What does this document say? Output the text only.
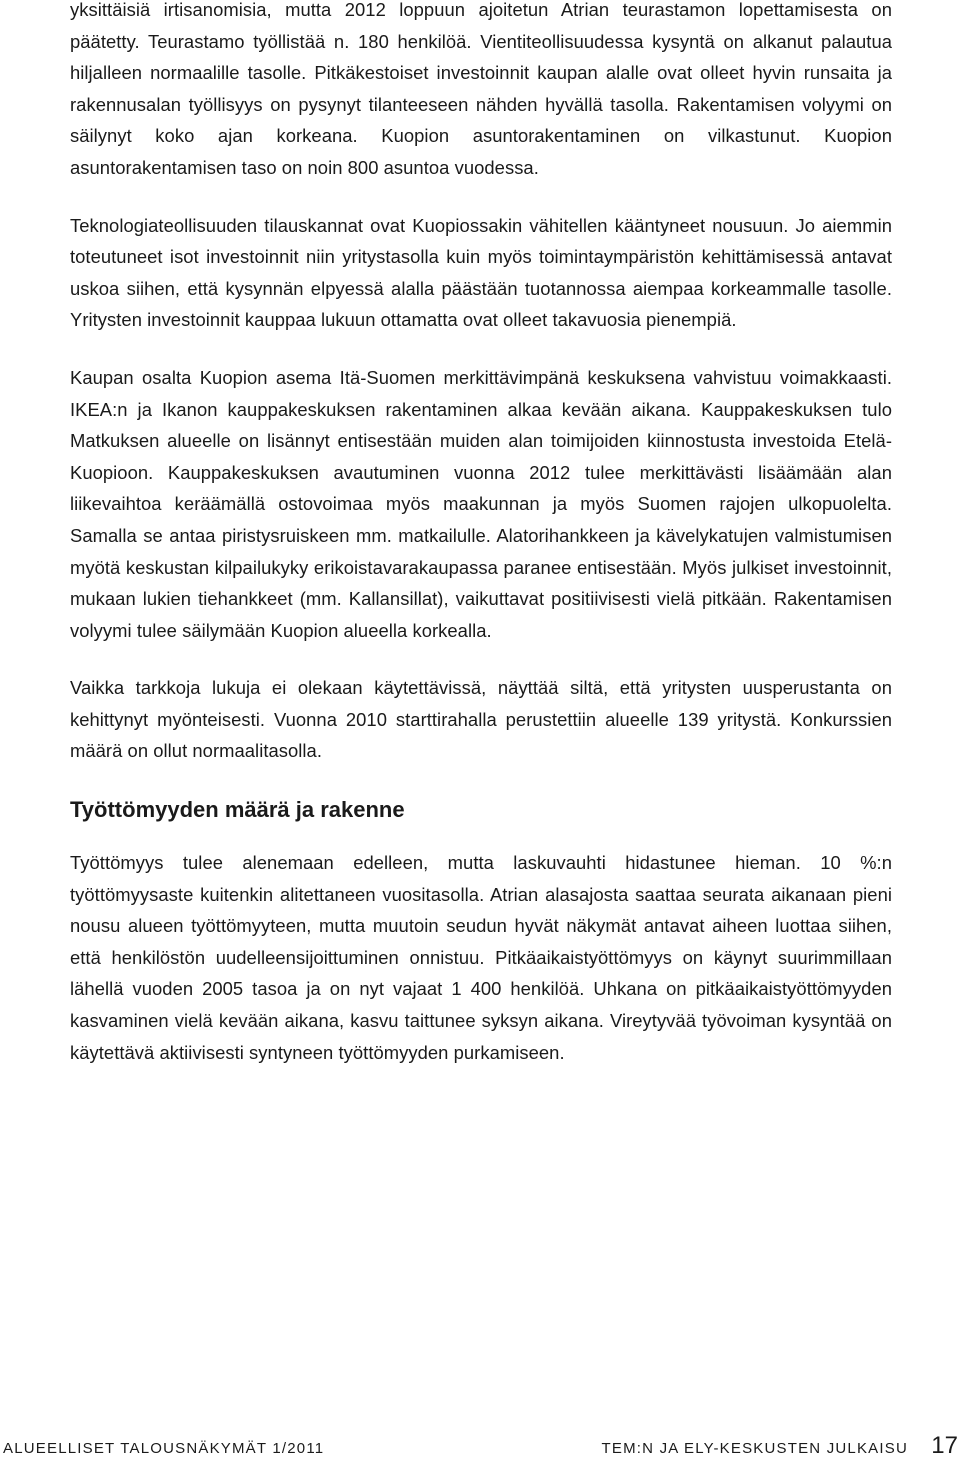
yksittäisiä irtisanomisia, mutta 2012 loppuun ajoitetun Atrian teurastamon lopettamisesta on päätetty. Teurastamo työllistää n. 180 henkilöä. Vientiteollisuudessa kysyntä on alkanut palautua hiljalleen normaalille tasolle. Pitkäkestoiset investoinnit kaupan alalle ovat olleet hyvin runsaita ja rakennusalan työllisyys on pysynyt tilanteeseen nähden hyvällä tasolla. Rakentamisen volyymi on säilynyt koko ajan korkeana. Kuopion asuntorakentaminen on vilkastunut. Kuopion asuntorakentamisen taso on noin 800 asuntoa vuodessa.

Teknologiateollisuuden tilauskannat ovat Kuopiossakin vähitellen kääntyneet nousuun. Jo aiemmin toteutuneet isot investoinnit niin yritystasolla kuin myös toimintaympäristön kehittämisessä antavat uskoa siihen, että kysynnän elpyessä alalla päästään tuotannossa aiempaa korkeammalle tasolle. Yritysten investoinnit kauppaa lukuun ottamatta ovat olleet takavuosia pienempiä.

Kaupan osalta Kuopion asema Itä-Suomen merkittävimpänä keskuksena vahvistuu voimakkaasti. IKEA:n ja Ikanon kauppakeskuksen rakentaminen alkaa kevään aikana. Kauppakeskuksen tulo Matkuksen alueelle on lisännyt entisestään muiden alan toimijoiden kiinnostusta investoida Etelä-Kuopioon. Kauppakeskuksen avautuminen vuonna 2012 tulee merkittävästi lisäämään alan liikevaihtoa keräämällä ostovoimaa myös maakunnan ja myös Suomen rajojen ulkopuolelta. Samalla se antaa piristysruiskeen mm. matkailulle. Alatorihankkeen ja kävelykatujen valmistumisen myötä keskustan kilpailukyky erikoistavarakaupassa paranee entisestään. Myös julkiset investoinnit, mukaan lukien tiehankkeet (mm. Kallansillat), vaikuttavat positiivisesti vielä pitkään. Rakentamisen volyymi tulee säilymään Kuopion alueella korkealla.

Vaikka tarkkoja lukuja ei olekaan käytettävissä, näyttää siltä, että yritysten uusperustanta on kehittynyt myönteisesti. Vuonna 2010 starttirahalla perustettiin alueelle 139 yritystä. Konkurssien määrä on ollut normaalitasolla.

Työttömyyden määrä ja rakenne

Työttömyys tulee alenemaan edelleen, mutta laskuvauhti hidastunee hieman. 10 %:n työttömyysaste kuitenkin alitettaneen vuositasolla. Atrian alasajosta saattaa seurata aikanaan pieni nousu alueen työttömyyteen, mutta muutoin seudun hyvät näkymät antavat aiheen luottaa siihen, että henkilöstön uudelleensijoittuminen onnistuu. Pitkäaikaistyöttömyys on käynyt suurimmillaan lähellä vuoden 2005 tasoa ja on nyt vajaat 1 400 henkilöä. Uhkana on pitkäaikaistyöttömyyden kasvaminen vielä kevään aikana, kasvu taittunee syksyn aikana. Vireytyvää työvoiman kysyntää on käytettävä aktiivisesti syntyneen työttömyyden purkamiseen.

ALUEELLISET TALOUSNÄKYMÄT 1/2011	TEM:N JA ELY-KESKUSTEN JULKAISU 17
